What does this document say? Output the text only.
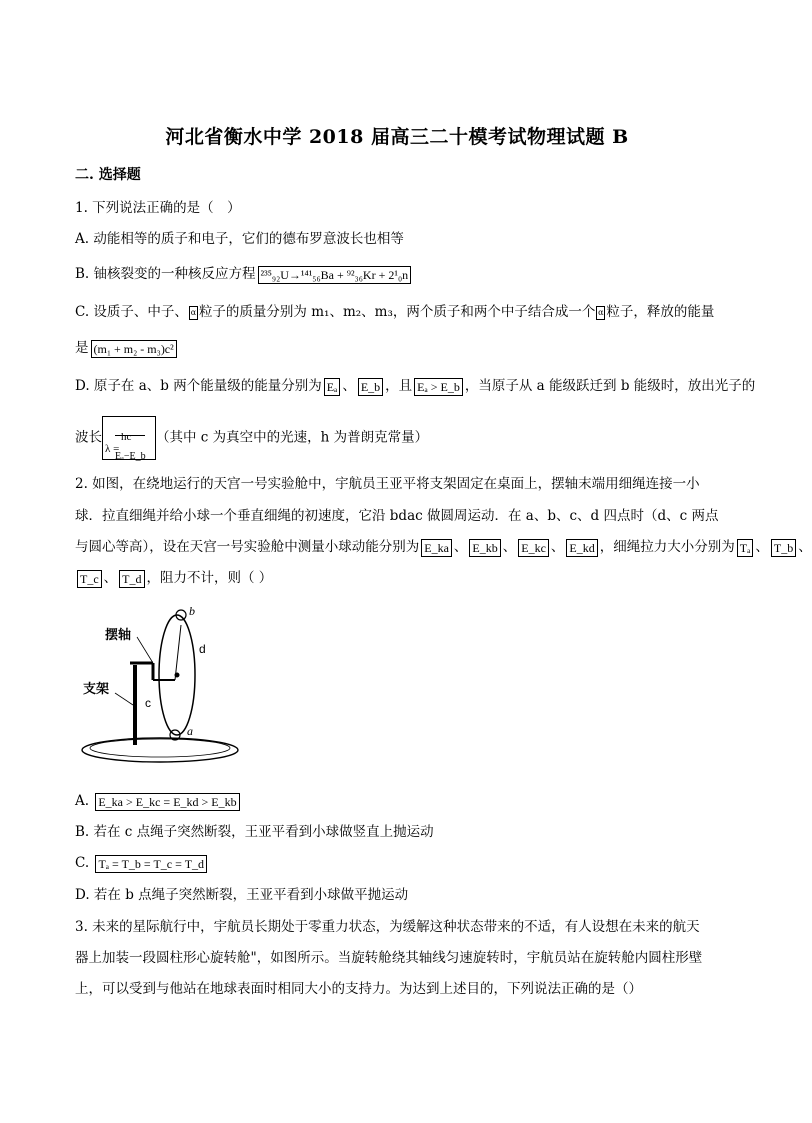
河北省衡水中学 2018 届高三二十模考试物理试题 B
二. 选择题
1. 下列说法正确的是（　）
A. 动能相等的质子和电子，它们的德布罗意波长也相等
B. 铀核裂变的一种核反应方程 ²³⁵₉₂U→¹⁴¹₅₆Ba + ⁹²₃₆Kr + 2¹₀n
C. 设质子、中子、 α 粒子的质量分别为 m₁、m₂、m₃，两个质子和两个中子结合成一个 α 粒子，释放的能量
是 (m₁ + m₂ - m₃)c²
D. 原子在 a、b 两个能量级的能量分别为 Eₐ 、 E_b ，且 Eₐ > E_b ，当原子从 a 能级跃迁到 b 能级时，放出光子的
波长
λ =
hc
Eₐ−E_b
（其中 c 为真空中的光速，h 为普朗克常量）
2. 如图，在绕地运行的天宫一号实验舱中，宇航员王亚平将支架固定在桌面上，摆轴末端用细绳连接一小
球．拉直细绳并给小球一个垂直细绳的初速度，它沿 bdac 做圆周运动．在 a、b、c、d 四点时（d、c 两点
与圆心等高），设在天宫一号实验舱中测量小球动能分别为 E_ka 、 E_kb 、 E_kc 、 E_kd ，细绳拉力大小分别为 Tₐ 、 T_b 、
T_c 、 T_d ，阻力不计，则（ ）
摆轴
支架
b
d
c
a
A. E_ka > E_kc = E_kd > E_kb
B. 若在 c 点绳子突然断裂，王亚平看到小球做竖直上抛运动
C. Tₐ = T_b = T_c = T_d
D. 若在 b 点绳子突然断裂，王亚平看到小球做平抛运动
3. 未来的星际航行中，宇航员长期处于零重力状态，为缓解这种状态带来的不适，有人设想在未来的航天
器上加装一段圆柱形心旋转舱"，如图所示。当旋转舱绕其轴线匀速旋转时，宇航员站在旋转舱内圆柱形壁
上，可以受到与他站在地球表面时相同大小的支持力。为达到上述目的，下列说法正确的是（）
